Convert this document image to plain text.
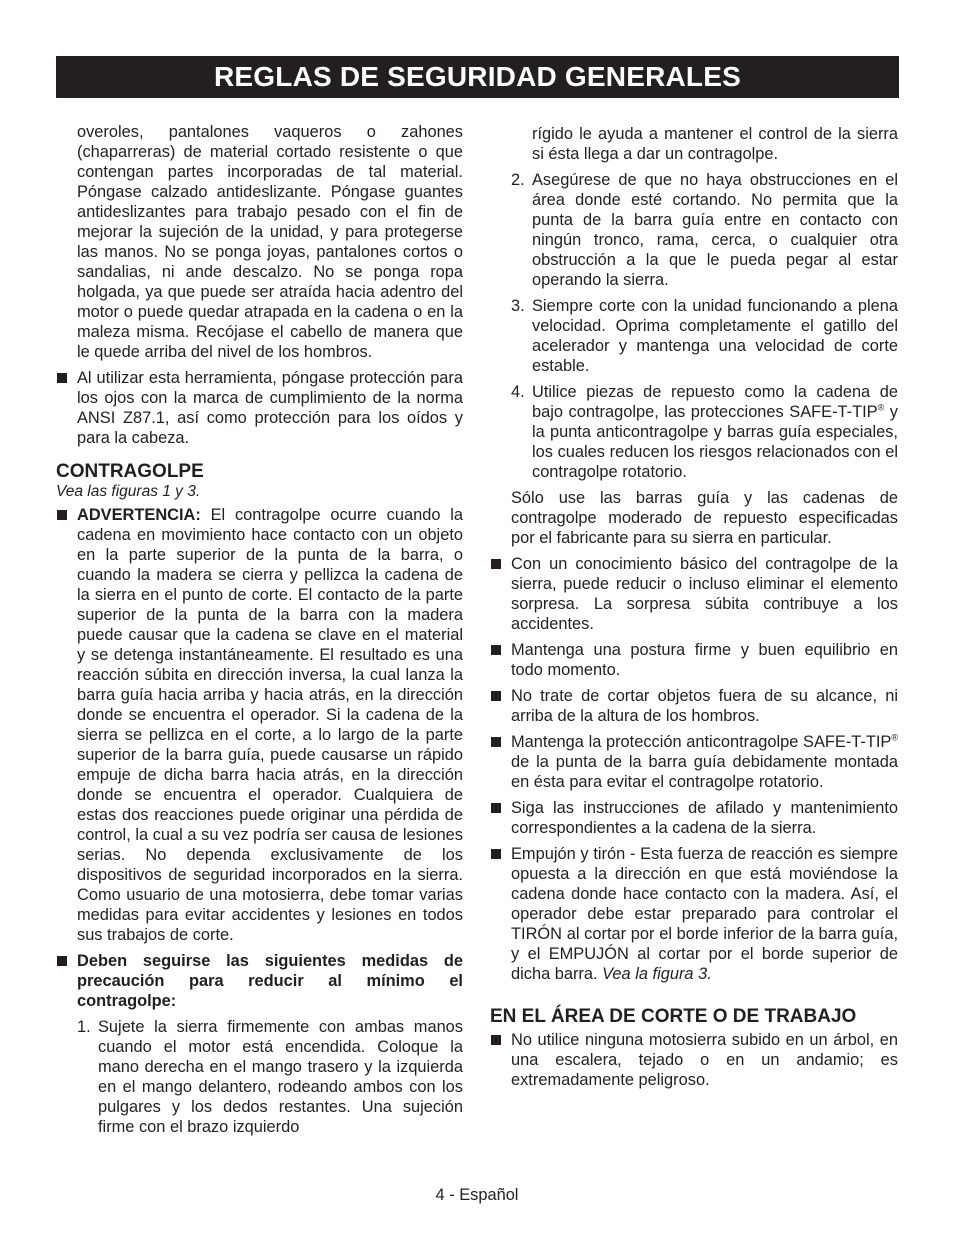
REGLAS DE SEGURIDAD GENERALES

overoles, pantalones vaqueros o zahones (chaparreras) de material cortado resistente o que contengan partes incorporadas de tal material. Póngase calzado antideslizante. Póngase guantes antideslizantes para trabajo pesado con el fin de mejorar la sujeción de la unidad, y para protegerse las manos. No se ponga joyas, pantalones cortos o sandalias, ni ande descalzo. No se ponga ropa holgada, ya que puede ser atraída hacia adentro del motor o puede quedar atrapada en la cadena o en la maleza misma. Recójase el cabello de manera que le quede arriba del nivel de los hombros.

Al utilizar esta herramienta, póngase protección para los ojos con la marca de cumplimiento de la norma ANSI Z87.1, así como protección para los oídos y para la cabeza.
CONTRAGOLPE
Vea las figuras 1 y 3.
ADVERTENCIA: El contragolpe ocurre cuando la cadena en movimiento hace contacto con un objeto en la parte superior de la punta de la barra, o cuando la madera se cierra y pellizca la cadena de la sierra en el punto de corte. El contacto de la parte superior de la punta de la barra con la madera puede causar que la cadena se clave en el material y se detenga instantáneamente. El resultado es una reacción súbita en dirección inversa, la cual lanza la barra guía hacia arriba y hacia atrás, en la dirección donde se encuentra el operador. Si la cadena de la sierra se pellizca en el corte, a lo largo de la parte superior de la barra guía, puede causarse un rápido empuje de dicha barra hacia atrás, en la dirección donde se encuentra el operador. Cualquiera de estas dos reacciones puede originar una pérdida de control, la cual a su vez podría ser causa de lesiones serias. No dependa exclusivamente de los dispositivos de seguridad incorporados en la sierra. Como usuario de una motosierra, debe tomar varias medidas para evitar accidentes y lesiones en todos sus trabajos de corte.
Deben seguirse las siguientes medidas de precaución para reducir al mínimo el contragolpe:
1. Sujete la sierra firmemente con ambas manos cuando el motor está encendida. Coloque la mano derecha en el mango trasero y la izquierda en el mango delantero, rodeando ambos con los pulgares y los dedos restantes. Una sujeción firme con el brazo izquierdo

rígido le ayuda a mantener el control de la sierra si ésta llega a dar un contragolpe.

2. Asegúrese de que no haya obstrucciones en el área donde esté cortando. No permita que la punta de la barra guía entre en contacto con ningún tronco, rama, cerca, o cualquier otra obstrucción a la que le pueda pegar al estar operando la sierra.
3. Siempre corte con la unidad funcionando a plena velocidad. Oprima completamente el gatillo del acelerador y mantenga una velocidad de corte estable.
4. Utilice piezas de repuesto como la cadena de bajo contragolpe, las protecciones SAFE-T-TIP® y la punta anticontragolpe y barras guía especiales, los cuales reducen los riesgos relacionados con el contragolpe rotatorio.

Sólo use las barras guía y las cadenas de contragolpe moderado de repuesto especificadas por el fabricante para su sierra en particular.

Con un conocimiento básico del contragolpe de la sierra, puede reducir o incluso eliminar el elemento sorpresa. La sorpresa súbita contribuye a los accidentes.
Mantenga una postura firme y buen equilibrio en todo momento.
No trate de cortar objetos fuera de su alcance, ni arriba de la altura de los hombros.
Mantenga la protección anticontragolpe SAFE-T-TIP® de la punta de la barra guía debidamente montada en ésta para evitar el contragolpe rotatorio.
Siga las instrucciones de afilado y mantenimiento correspondientes a la cadena de la sierra.
Empujón y tirón - Esta fuerza de reacción es siempre opuesta a la dirección en que está moviéndose la cadena donde hace contacto con la madera. Así, el operador debe estar preparado para controlar el TIRÓN al cortar por el borde inferior de la barra guía, y el EMPUJÓN al cortar por el borde superior de dicha barra. Vea la figura 3.
EN EL ÁREA DE CORTE O DE TRABAJO
No utilice ninguna motosierra subido en un árbol, en una escalera, tejado o en un andamio; es extremadamente peligroso.
4 - Español
